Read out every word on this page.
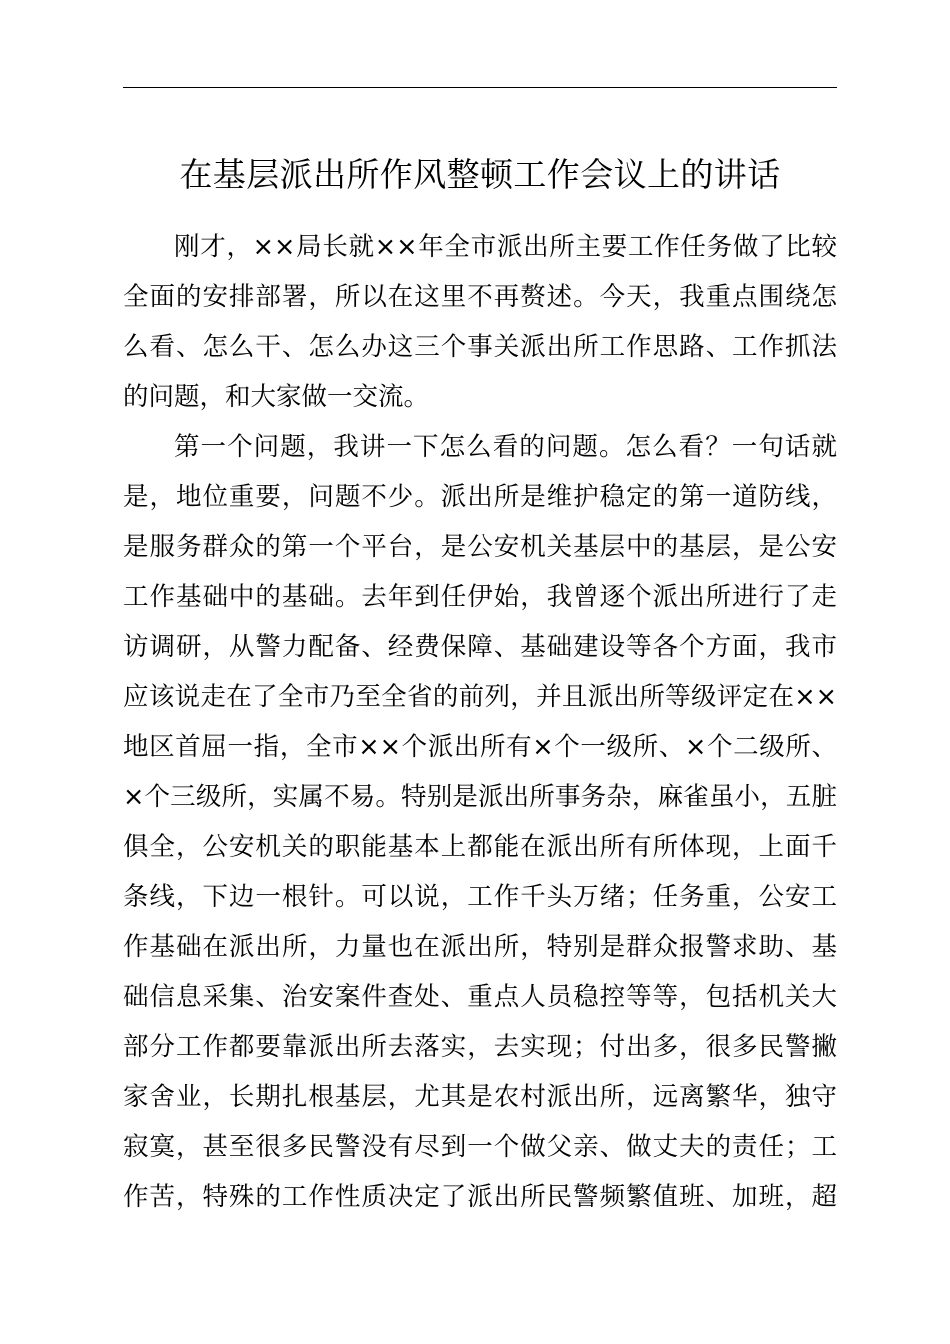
在基层派出所作风整顿工作会议上的讲话
刚才，××局长就××年全市派出所主要工作任务做了比较
全面的安排部署，所以在这里不再赘述。今天，我重点围绕怎
么看、怎么干、怎么办这三个事关派出所工作思路、工作抓法
的问题，和大家做一交流。
第一个问题，我讲一下怎么看的问题。怎么看？一句话就
是，地位重要，问题不少。派出所是维护稳定的第一道防线，
是服务群众的第一个平台，是公安机关基层中的基层，是公安
工作基础中的基础。去年到任伊始，我曾逐个派出所进行了走
访调研，从警力配备、经费保障、基础建设等各个方面，我市
应该说走在了全市乃至全省的前列，并且派出所等级评定在××
地区首屈一指，全市××个派出所有×个一级所、×个二级所、
×个三级所，实属不易。特别是派出所事务杂，麻雀虽小，五脏
俱全，公安机关的职能基本上都能在派出所有所体现，上面千
条线，下边一根针。可以说，工作千头万绪；任务重，公安工
作基础在派出所，力量也在派出所，特别是群众报警求助、基
础信息采集、治安案件查处、重点人员稳控等等，包括机关大
部分工作都要靠派出所去落实，去实现；付出多，很多民警撇
家舍业，长期扎根基层，尤其是农村派出所，远离繁华，独守
寂寞，甚至很多民警没有尽到一个做父亲、做丈夫的责任；工
作苦，特殊的工作性质决定了派出所民警频繁值班、加班，超
